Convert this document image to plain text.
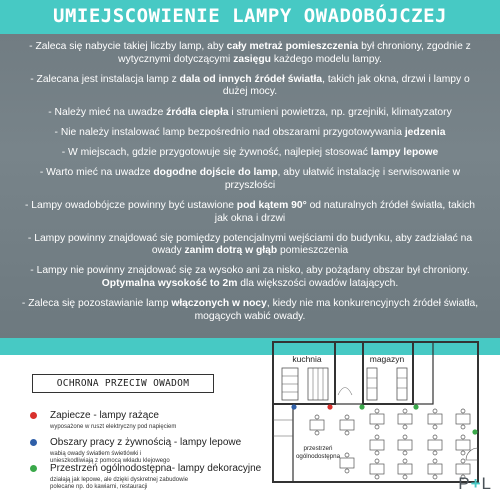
UMIEJSCOWIENIE LAMPY OWADOBÓJCZEJ
- Zaleca się nabycie takiej liczby lamp, aby cały metraż pomieszczenia był chroniony, zgodnie z wytycznymi dotyczącymi zasięgu każdego modelu lampy.
- Zalecana jest instalacja lamp z dala od innych źródeł światła, takich jak okna, drzwi i lampy o dużej mocy.
- Należy mieć na uwadze źródła ciepła i strumieni powietrza, np. grzejniki, klimatyzatory
- Nie należy instalować lamp bezpośrednio nad obszarami przygotowywania jedzenia
- W miejscach, gdzie przygotowuje się żywność, najlepiej stosować lampy lepowe
- Warto mieć na uwadze dogodne dojście do lamp, aby ułatwić instalację i serwisowanie w przyszłości
- Lampy owadobójcze powinny być ustawione pod kątem 90° od naturalnych źródeł światła, takich jak okna i drzwi
- Lampy powinny znajdować się pomiędzy potencjalnymi wejściami do budynku, aby zadziałać na owady zanim dotrą w głąb pomieszczenia
- Lampy nie powinny znajdować się za wysoko ani za nisko, aby pożądany obszar był chroniony.
Optymalna wysokość to 2m dla większości owadów latających.
- Zaleca się pozostawianie lamp włączonych w nocy, kiedy nie ma konkurencyjnych źródeł światła, mogących wabić owady.
OCHRONA PRZECIW OWADOM
Zapiecze - lampy rażące
wyposażone w ruszt elektryczny pod napięciem
Obszary pracy z żywnością - lampy lepowe
wabią owady światłem świetlówki i
unieszkodliwiają z pomocą wkładu klejowego
Przestrzeń ogólnodostępna- lampy dekoracyjne
działają jak lepowe, ale dzięki dyskretnej zabudowie
polecane np. do kawiarni, restauracji
kuchnia	magazyn
przestrzeń
ogólnodostępna
P+L
